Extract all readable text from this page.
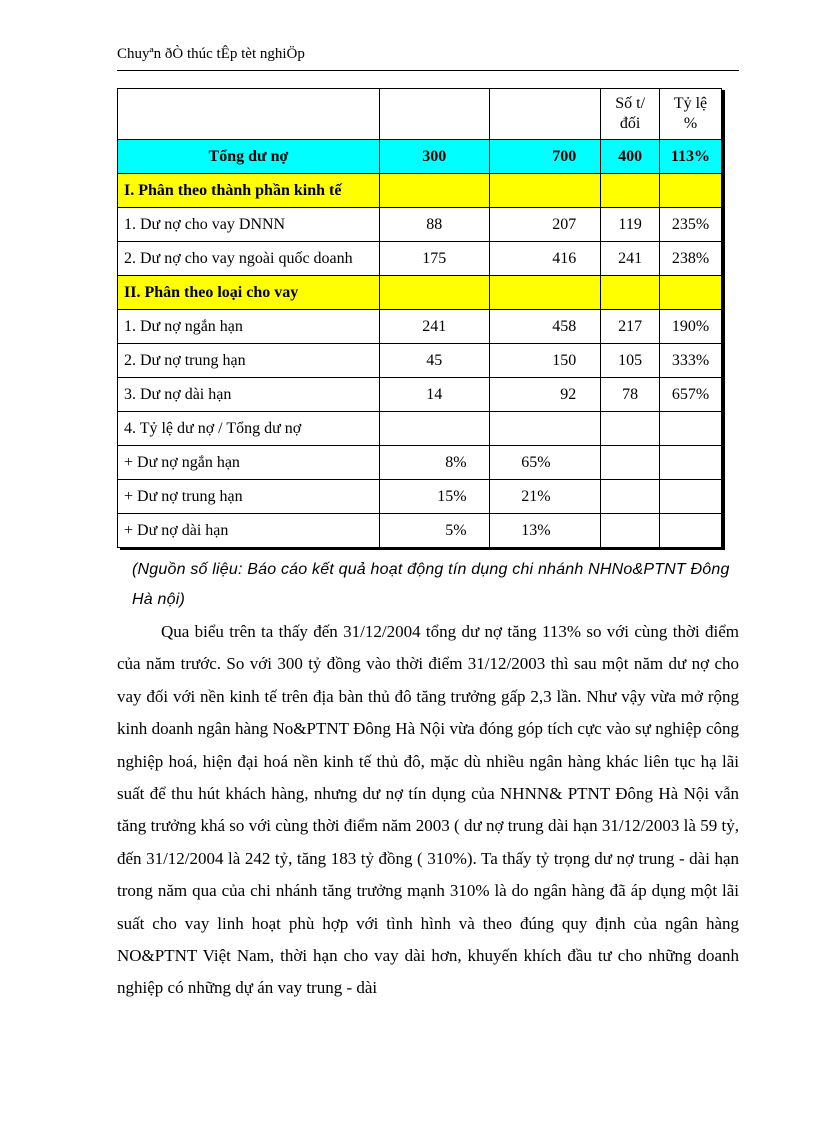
Chuyªn ðÒ thúc tÊp tèt nghiÖp
			Số t/ đối	Tỷ lệ %
Tổng dư nợ	300	700	400	113%
I. Phân theo thành phần kinh tế				
1. Dư nợ cho vay DNNN	88	207	119	235%
2. Dư nợ cho vay ngoài quốc doanh	175	416	241	238%
II. Phân theo loại cho vay				
1. Dư nợ ngắn hạn	241	458	217	190%
2. Dư nợ trung hạn	45	150	105	333%
3. Dư nợ dài hạn	14	92	78	657%
4. Tỷ lệ dư nợ / Tổng dư nợ				
+ Dư nợ ngắn hạn	8%	65%		
+ Dư nợ trung hạn	15%	21%		
+ Dư nợ dài hạn	5%	13%		
(Nguồn số liệu: Báo cáo kết quả hoạt động tín dụng chi nhánh NHNo&PTNT Đông Hà nội)

Qua biểu trên ta thấy đến 31/12/2004 tổng dư nợ tăng 113% so với cùng thời điểm của năm trước. So với 300 tỷ đồng vào thời điểm 31/12/2003 thì sau một năm dư nợ cho vay đối với nền kinh tế trên địa bàn thủ đô tăng trưởng gấp 2,3 lần. Như vậy vừa mở rộng kinh doanh ngân hàng No&PTNT Đông Hà Nội vừa đóng góp tích cực vào sự nghiệp công nghiệp hoá, hiện đại hoá nền kinh tế thủ đô, mặc dù nhiều ngân hàng khác liên tục hạ lãi suất để thu hút khách hàng, nhưng dư nợ tín dụng của NHNN& PTNT Đông Hà Nội vẫn tăng trưởng khá so với cùng thời điểm năm 2003 ( dư nợ trung dài hạn 31/12/2003 là 59 tỷ, đến 31/12/2004 là 242 tỷ, tăng 183 tỷ đồng ( 310%). Ta thấy tỷ trọng dư nợ trung - dài hạn trong năm qua của chi nhánh tăng trưởng mạnh 310% là do ngân hàng đã áp dụng một lãi suất cho vay linh hoạt phù hợp với tình hình và theo đúng quy định của ngân hàng NO&PTNT Việt Nam, thời hạn cho vay dài hơn, khuyến khích đầu tư cho những doanh nghiệp có những dự án vay trung - dài
